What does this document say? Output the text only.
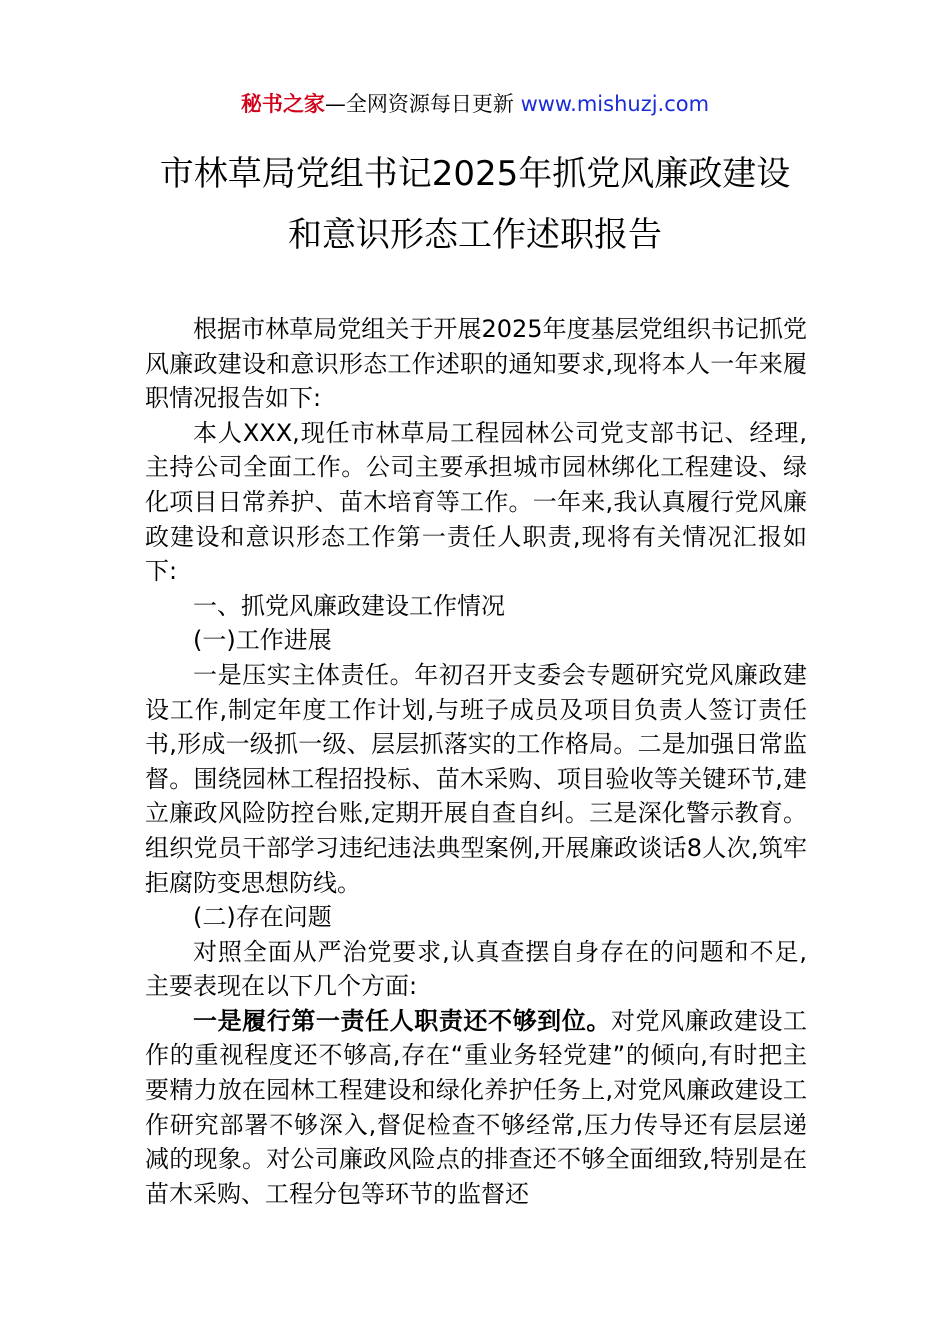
秘书之家—全网资源每日更新 www.mishuzj.com
市林草局党组书记2025年抓党风廉政建设
和意识形态工作述职报告

根据市林草局党组关于开展2025年度基层党组织书记抓党风廉政建设和意识形态工作述职的通知要求,现将本人一年来履职情况报告如下:

本人XXX,现任市林草局工程园林公司党支部书记、经理,主持公司全面工作。公司主要承担城市园林绑化工程建设、绿化项目日常养护、苗木培育等工作。一年来,我认真履行党风廉政建设和意识形态工作第一责任人职责,现将有关情况汇报如下:

一、抓党风廉政建设工作情况

(一)工作进展

一是压实主体责任。年初召开支委会专题研究党风廉政建设工作,制定年度工作计划,与班子成员及项目负责人签订责任书,形成一级抓一级、层层抓落实的工作格局。二是加强日常监督。围绕园林工程招投标、苗木采购、项目验收等关键环节,建立廉政风险防控台账,定期开展自查自纠。三是深化警示教育。组织党员干部学习违纪违法典型案例,开展廉政谈话8人次,筑牢拒腐防变思想防线。

(二)存在问题

对照全面从严治党要求,认真查摆自身存在的问题和不足,主要表现在以下几个方面:

一是履行第一责任人职责还不够到位。对党风廉政建设工作的重视程度还不够高,存在“重业务轻党建”的倾向,有时把主要精力放在园林工程建设和绿化养护任务上,对党风廉政建设工作研究部署不够深入,督促检查不够经常,压力传导还有层层递减的现象。对公司廉政风险点的排查还不够全面细致,特别是在苗木采购、工程分包等环节的监督还
